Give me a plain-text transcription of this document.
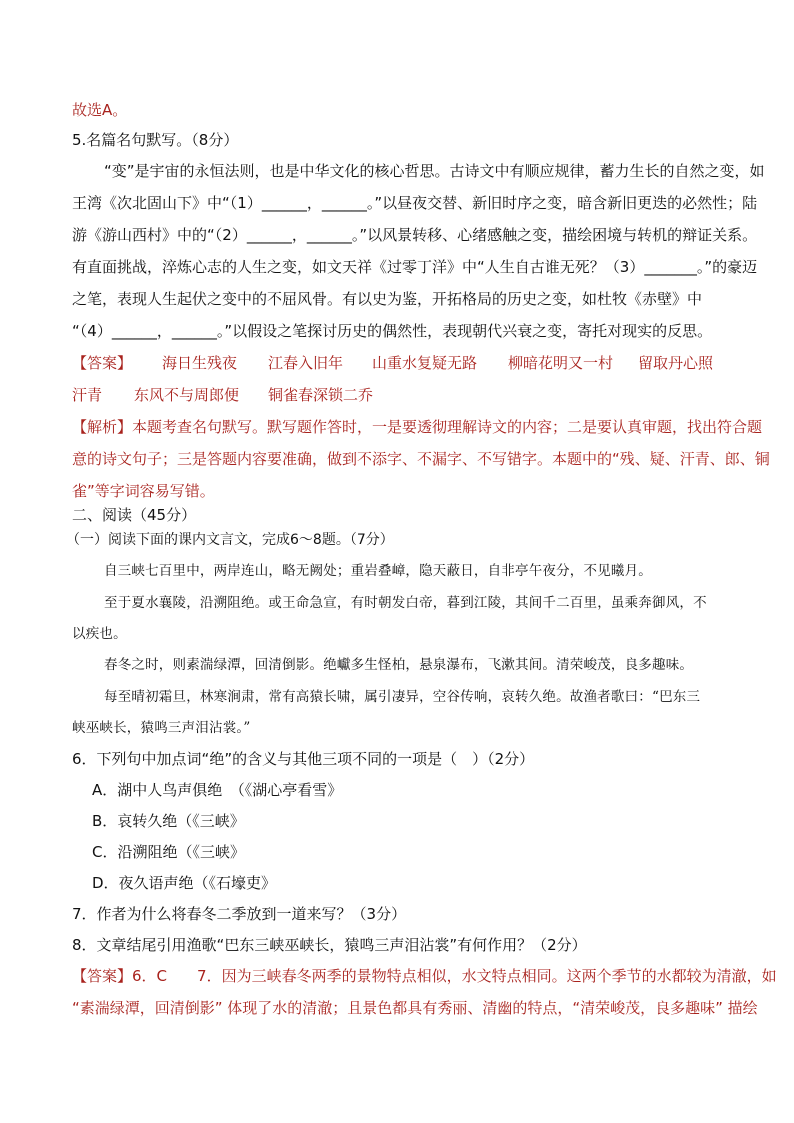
故选A。
5.名篇名句默写。（8分）
“变”是宇宙的永恒法则，也是中华文化的核心哲思。古诗文中有顺应规律，蓄力生长的自然之变，如
王湾《次北固山下》中“（1）______，______。”以昼夜交替、新旧时序之变，暗含新旧更迭的必然性；陆
游《游山西村》中的“（2）______，______。”以风景转移、心绪感触之变，描绘困境与转机的辩证关系。
有直面挑战，淬炼心志的人生之变，如文天祥《过零丁洋》中“人生自古谁无死？（3）_______。”的豪迈
之笔，表现人生起伏之变中的不屈风骨。有以史为鉴，开拓格局的历史之变，如杜牧《赤壁》中
“（4）______，______。”以假设之笔探讨历史的偶然性，表现朝代兴衰之变，寄托对现实的反思。
【答案】 海日生残夜 江春入旧年 山重水复疑无路 柳暗花明又一村 留取丹心照
汗青 东风不与周郎便 铜雀春深锁二乔
【解析】本题考查名句默写。默写题作答时，一是要透彻理解诗文的内容；二是要认真审题，找出符合题
意的诗文句子；三是答题内容要准确，做到不添字、不漏字、不写错字。本题中的“残、疑、汗青、郎、铜
雀”等字词容易写错。
二、阅读（45分）
（一）阅读下面的课内文言文，完成6～8题。（7分）
自三峡七百里中，两岸连山，略无阙处；重岩叠嶂，隐天蔽日，自非亭午夜分，不见曦月。
至于夏水襄陵，沿溯阻绝。或王命急宣，有时朝发白帝，暮到江陵，其间千二百里，虽乘奔御风，不
以疾也。
春冬之时，则素湍绿潭，回清倒影。绝巘多生怪柏，悬泉瀑布，飞漱其间。清荣峻茂，良多趣味。
每至晴初霜旦，林寒涧肃，常有高猿长啸，属引凄异，空谷传响，哀转久绝。故渔者歌曰：“巴东三
峡巫峡长，猿鸣三声泪沾裳。”
6．下列句中加点词“绝”的含义与其他三项不同的一项是（　）（2分）
A．湖中人鸟声俱绝　（《湖心亭看雪》
B．哀转久绝（《三峡》
C．沿溯阻绝（《三峡》
D．夜久语声绝（《石壕吏》
7．作者为什么将春冬二季放到一道来写？（3分）
8．文章结尾引用渔歌“巴东三峡巫峡长，猿鸣三声泪沾裳”有何作用？（2分）
【答案】6．C　　7．因为三峡春冬两季的景物特点相似，水文特点相同。这两个季节的水都较为清澈，如
“素湍绿潭，回清倒影” 体现了水的清澈；且景色都具有秀丽、清幽的特点，“清荣峻茂，良多趣味” 描绘
